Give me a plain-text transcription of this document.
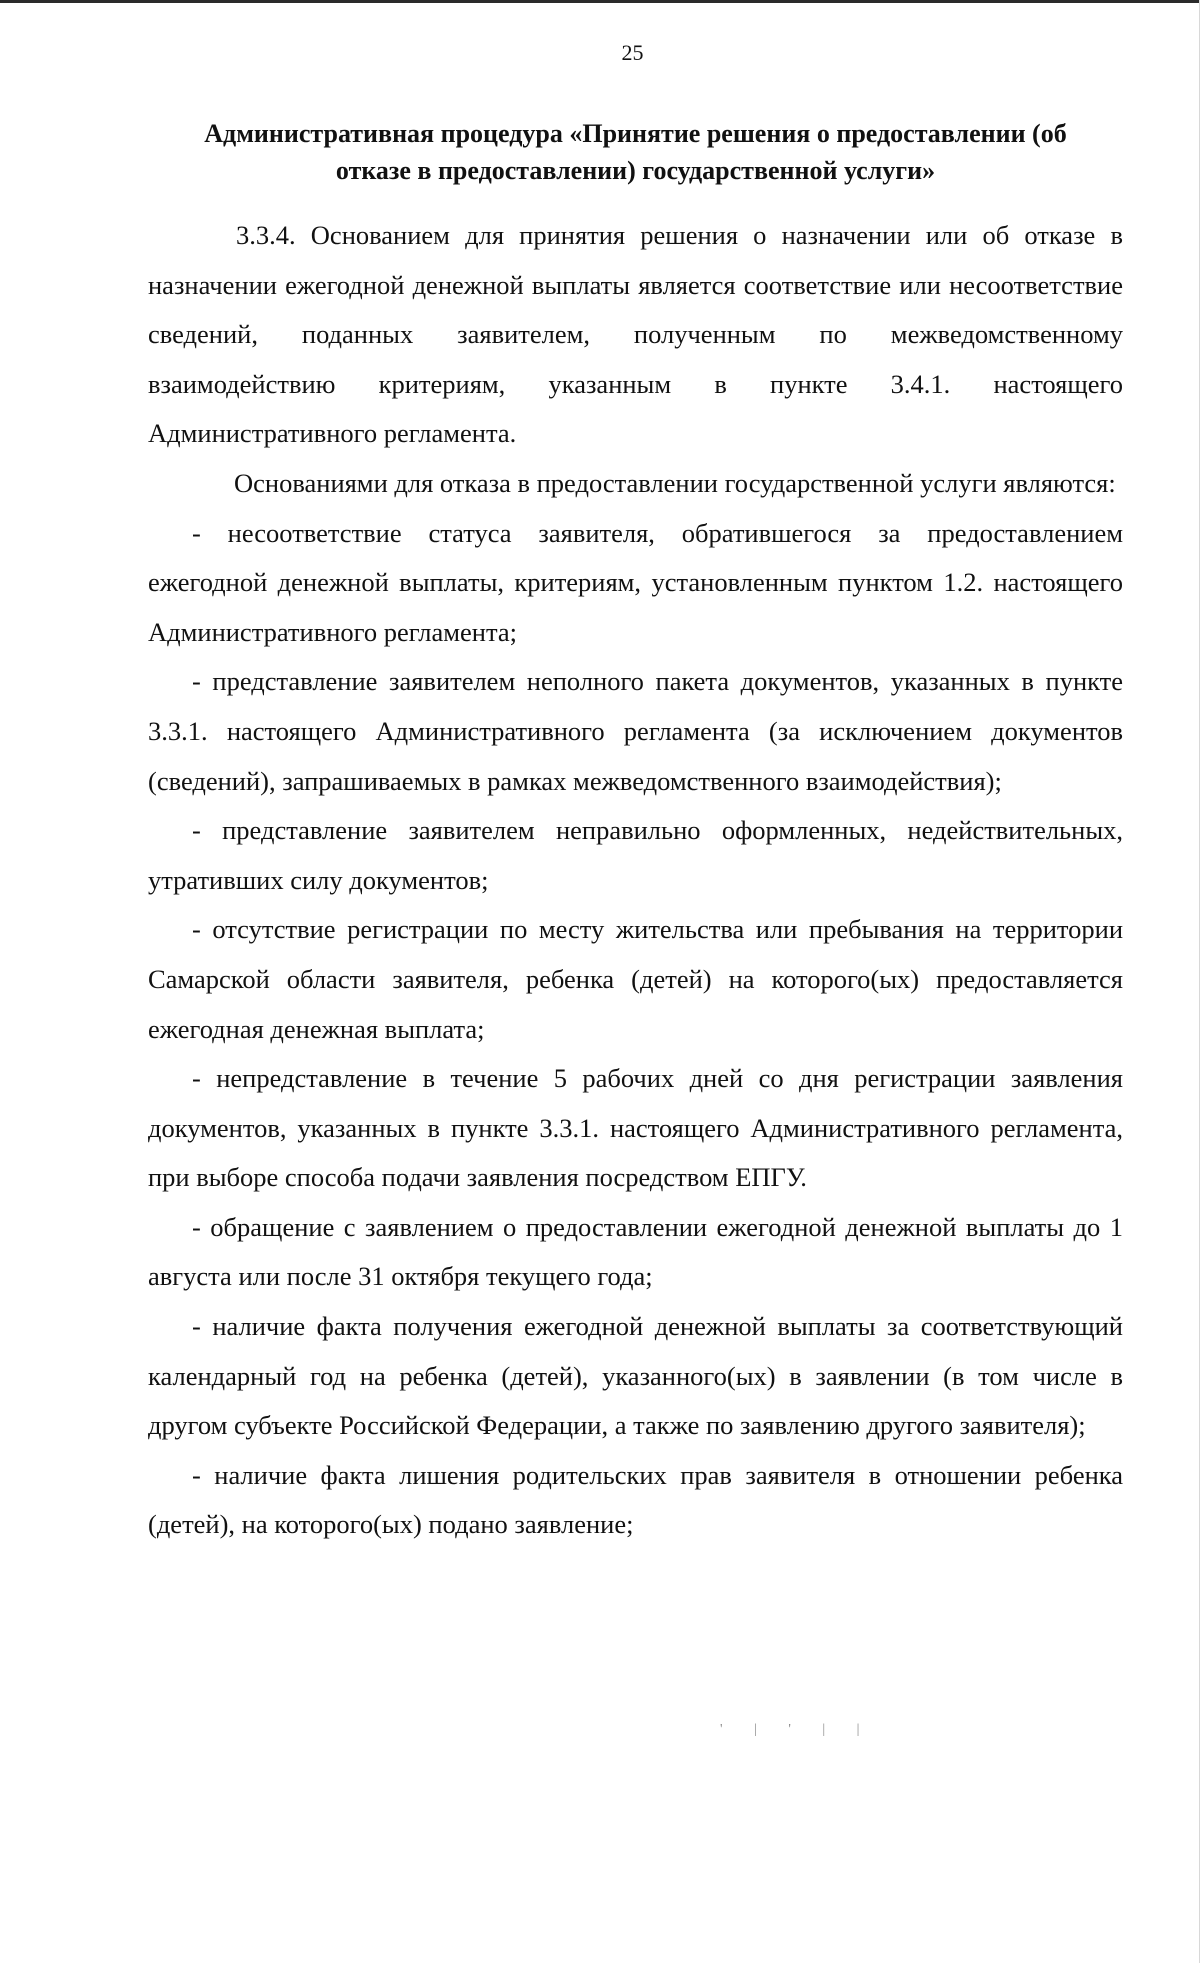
25
Административная процедура «Принятие решения о предоставлении (об
отказе в предоставлении) государственной услуги»

3.3.4. Основанием для принятия решения о назначении или об отказе в назначении ежегодной денежной выплаты является соответствие или несоответствие сведений, поданных заявителем, полученным по межведомственному взаимодействию критериям, указанным в пункте 3.4.1. настоящего Административного регламента.

Основаниями для отказа в предоставлении государственной услуги являются:

- несоответствие статуса заявителя, обратившегося за предоставлением ежегодной денежной выплаты, критериям, установленным пунктом 1.2. настоящего Административного регламента;

- представление заявителем неполного пакета документов, указанных в пункте 3.3.1. настоящего Административного регламента (за исключением документов (сведений), запрашиваемых в рамках межведомственного взаимодействия);

- представление заявителем неправильно оформленных, недействительных, утративших силу документов;

- отсутствие регистрации по месту жительства или пребывания на территории Самарской области заявителя, ребенка (детей) на которого(ых) предоставляется ежегодная денежная выплата;

- непредставление в течение 5 рабочих дней со дня регистрации заявления документов, указанных в пункте 3.3.1. настоящего Административного регламента, при выборе способа подачи заявления посредством ЕПГУ.

- обращение с заявлением о предоставлении ежегодной денежной выплаты до 1 августа или после 31 октября текущего года;

- наличие факта получения ежегодной денежной выплаты за соответствующий календарный год на ребенка (детей), указанного(ых) в заявлении (в том числе в другом субъекте Российской Федерации, а также по заявлению другого заявителя);

- наличие факта лишения родительских прав заявителя в отношении ребенка (детей), на которого(ых) подано заявление;

' | ' | |
